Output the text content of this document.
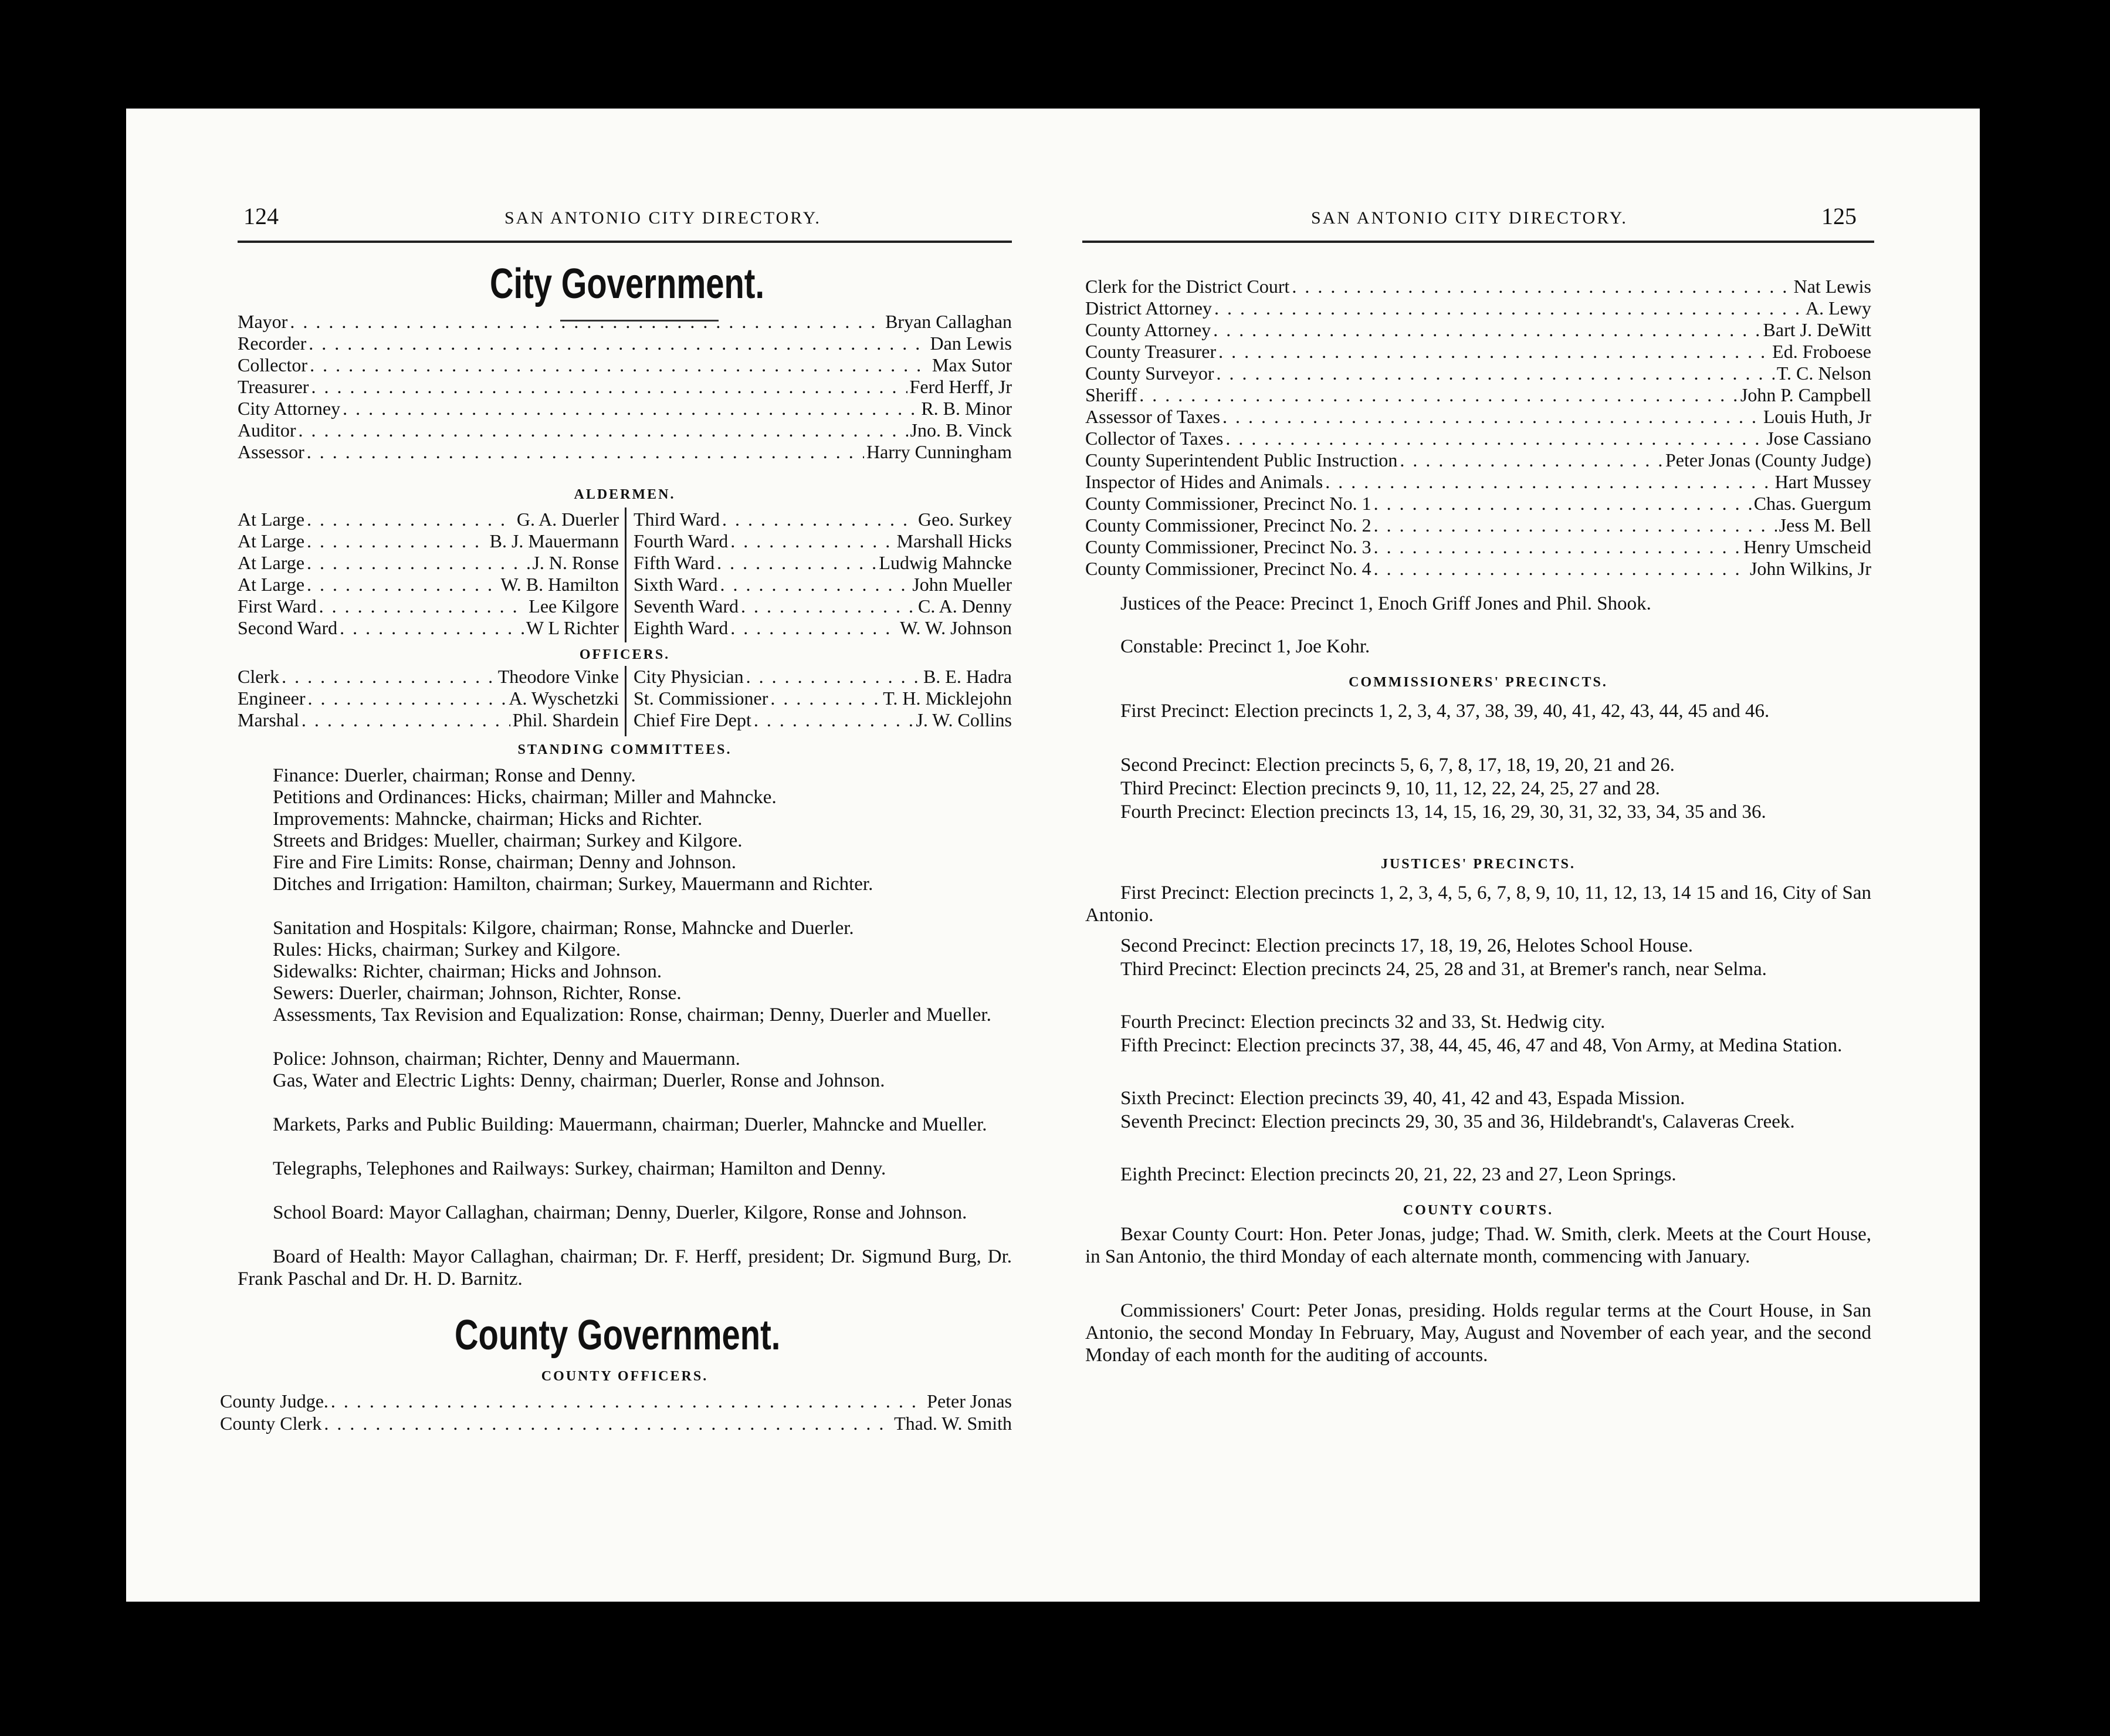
124	SAN ANTONIO CITY DIRECTORY.
City Government.
Mayor . . .	Bryan Callaghan
Recorder . . .	Dan Lewis
Collector . . .	Max Sutor
Treasurer . . .	Ferd Herff, Jr
City Attorney . . .	R. B. Minor
Auditor . . .	Jno. B. Vinck
Assessor . . .	Harry Cunningham
ALDERMEN.
At Large . . .	G. A. Duerler
At Large . . .	B. J. Mauermann
At Large . . .	J. N. Ronse
At Large . . .	W. B. Hamilton
First Ward . . .	Lee Kilgore
Second Ward . . .	W L Richter
Third Ward . . .	Geo. Surkey
Fourth Ward . . .	Marshall Hicks
Fifth Ward . . .	Ludwig Mahncke
Sixth Ward . . .	John Mueller
Seventh Ward . . .	C. A. Denny
Eighth Ward . . .	W. W. Johnson
OFFICERS.
Clerk . . .	Theodore Vinke
Engineer . . .	A. Wyschetzki
Marshal . . .	Phil. Shardein
City Physician . . .	B. E. Hadra
St. Commissioner . . .	T. H. Micklejohn
Chief Fire Dept . . .	J. W. Collins
STANDING COMMITTEES.
Finance: Duerler, chairman; Ronse and Denny.
Petitions and Ordinances: Hicks, chairman; Miller and Mahncke.
Improvements: Mahncke, chairman; Hicks and Richter.
Streets and Bridges: Mueller, chairman; Surkey and Kilgore.
Fire and Fire Limits: Ronse, chairman; Denny and Johnson.
Ditches and Irrigation: Hamilton, chairman; Surkey, Mauermann and Richter.
Sanitation and Hospitals: Kilgore, chairman; Ronse, Mahncke and Duerler.
Rules: Hicks, chairman; Surkey and Kilgore.
Sidewalks: Richter, chairman; Hicks and Johnson.
Sewers: Duerler, chairman; Johnson, Richter, Ronse.
Assessments, Tax Revision and Equalization: Ronse, chairman; Denny, Duerler and Mueller.
Police: Johnson, chairman; Richter, Denny and Mauermann.
Gas, Water and Electric Lights: Denny, chairman; Duerler, Ronse and Johnson.
Markets, Parks and Public Building: Mauermann, chairman; Duerler, Mahncke and Mueller.
Telegraphs, Telephones and Railways: Surkey, chairman; Hamilton and Denny.
School Board: Mayor Callaghan, chairman; Denny, Duerler, Kilgore, Ronse and Johnson.
Board of Health: Mayor Callaghan, chairman; Dr. F. Herff, president; Dr. Sigmund Burg, Dr. Frank Paschal and Dr. H. D. Barnitz.
County Government.
COUNTY OFFICERS.
County Judge. . . .	Peter Jonas
County Clerk . . .	Thad. W. Smith
SAN ANTONIO CITY DIRECTORY.	125
Clerk for the District Court . . .	Nat Lewis
District Attorney . . .	A. Lewy
County Attorney . . .	Bart J. DeWitt
County Treasurer . . .	Ed. Froboese
County Surveyor . . .	T. C. Nelson
Sheriff . . .	John P. Campbell
Assessor of Taxes . . .	Louis Huth, Jr
Collector of Taxes . . .	Jose Cassiano
County Superintendent Public Instruction . . .	Peter Jonas (County Judge)
Inspector of Hides and Animals . . .	Hart Mussey
County Commissioner, Precinct No. 1 . . .	Chas. Guergum
County Commissioner, Precinct No. 2 . . .	Jess M. Bell
County Commissioner, Precinct No. 3 . . .	Henry Umscheid
County Commissioner, Precinct No. 4 . . .	John Wilkins, Jr
Justices of the Peace: Precinct 1, Enoch Griff Jones and Phil. Shook.
Constable: Precinct 1, Joe Kohr.
COMMISSIONERS' PRECINCTS.
First Precinct: Election precincts 1, 2, 3, 4, 37, 38, 39, 40, 41, 42, 43, 44, 45 and 46.
Second Precinct: Election precincts 5, 6, 7, 8, 17, 18, 19, 20, 21 and 26.
Third Precinct: Election precincts 9, 10, 11, 12, 22, 24, 25, 27 and 28.
Fourth Precinct: Election precincts 13, 14, 15, 16, 29, 30, 31, 32, 33, 34, 35 and 36.
JUSTICES' PRECINCTS.
First Precinct: Election precincts 1, 2, 3, 4, 5, 6, 7, 8, 9, 10, 11, 12, 13, 14 15 and 16, City of San Antonio.
Second Precinct: Election precincts 17, 18, 19, 26, Helotes School House.
Third Precinct: Election precincts 24, 25, 28 and 31, at Bremer's ranch, near Selma.
Fourth Precinct: Election precincts 32 and 33, St. Hedwig city.
Fifth Precinct: Election precincts 37, 38, 44, 45, 46, 47 and 48, Von Army, at Medina Station.
Sixth Precinct: Election precincts 39, 40, 41, 42 and 43, Espada Mission.
Seventh Precinct: Election precincts 29, 30, 35 and 36, Hildebrandt's, Calaveras Creek.
Eighth Precinct: Election precincts 20, 21, 22, 23 and 27, Leon Springs.
COUNTY COURTS.
Bexar County Court: Hon. Peter Jonas, judge; Thad. W. Smith, clerk. Meets at the Court House, in San Antonio, the third Monday of each alternate month, commencing with January.
Commissioners' Court: Peter Jonas, presiding. Holds regular terms at the Court House, in San Antonio, the second Monday In February, May, August and November of each year, and the second Monday of each month for the auditing of accounts.
